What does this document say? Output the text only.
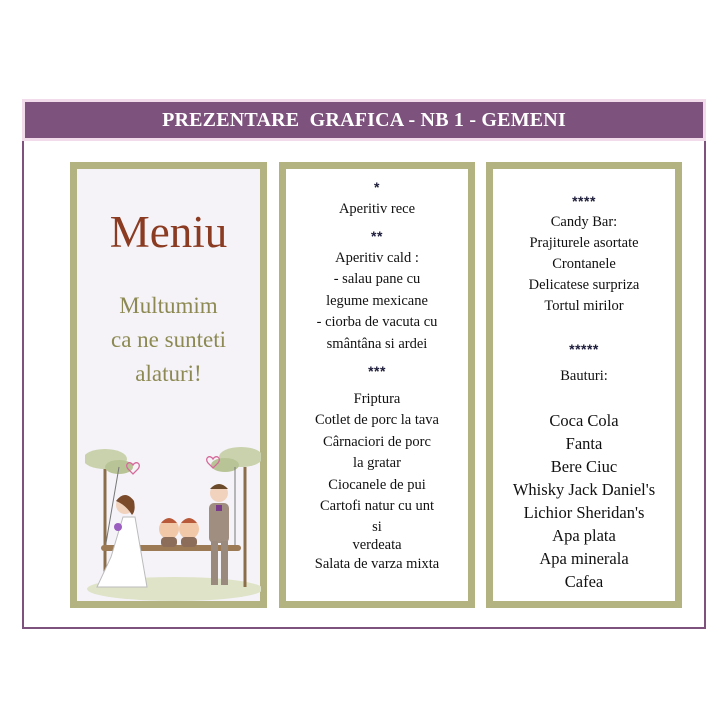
PREZENTARE  GRAFICA - NB 1 - GEMENI
Meniu
Multumim
ca ne sunteti
alaturi!
*
Aperitiv rece
**
Aperitiv cald :
- salau pane cu
legume mexicane
- ciorba de vacuta cu
smântâna si ardei
***
Friptura
Cotlet de porc la tava
Cârnaciori de porc
la gratar
Ciocanele de pui
Cartofi natur cu unt
si
verdeata
Salata de varza mixta
****
Candy Bar:
Prajiturele asortate
Crontanele
Delicatese surpriza
Tortul mirilor
*****
Bauturi:
Coca Cola
Fanta
Bere Ciuc
Whisky Jack Daniel's
Lichior Sheridan's
Apa plata
Apa minerala
Cafea
